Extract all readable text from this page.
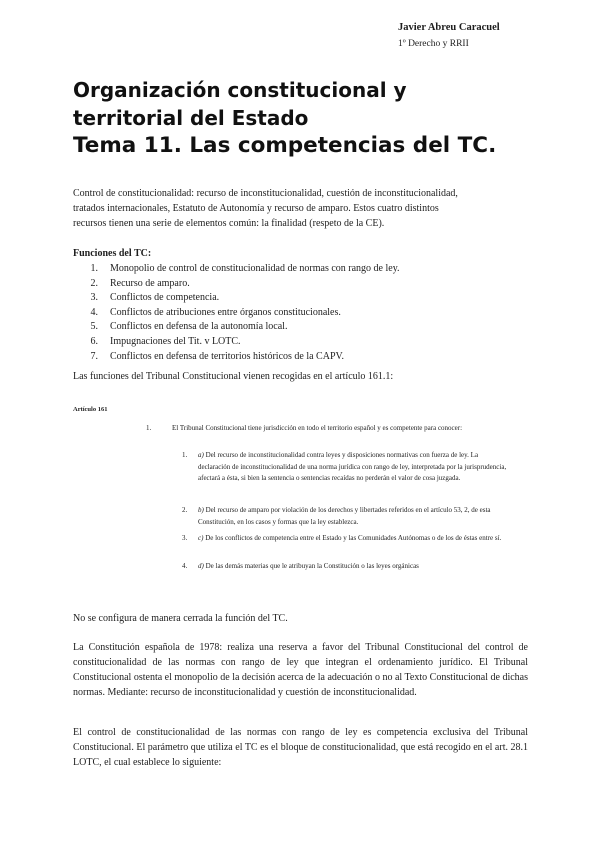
Javier Abreu Caracuel
1º Derecho y RRII
Organización constitucional y
territorial del Estado
Tema 11. Las competencias del TC.
Control de constitucionalidad: recurso de inconstitucionalidad, cuestión de inconstitucionalidad,
tratados internacionales, Estatuto de Autonomía y recurso de amparo. Estos cuatro distintos
recursos tienen una serie de elementos común: la finalidad (respeto de la CE).
Funciones del TC:
1. Monopolio de control de constitucionalidad de normas con rango de ley.
2. Recurso de amparo.
3. Conflictos de competencia.
4. Conflictos de atribuciones entre órganos constitucionales.
5. Conflictos en defensa de la autonomía local.
6. Impugnaciones del Tit. v LOTC.
7. Conflictos en defensa de territorios históricos de la CAPV.
Las funciones del Tribunal Constitucional vienen recogidas en el artículo 161.1:
Artículo 161
1.	El Tribunal Constitucional tiene jurisdicción en todo el territorio español y es competente para conocer:
1. a) Del recurso de inconstitucionalidad contra leyes y disposiciones normativas con fuerza de ley. La declaración de inconstitucionalidad de una norma jurídica con rango de ley, interpretada por la jurisprudencia, afectará a ésta, si bien la sentencia o sentencias recaídas no perderán el valor de cosa juzgada.
2. b) Del recurso de amparo por violación de los derechos y libertades referidos en el artículo 53, 2, de esta Constitución, en los casos y formas que la ley establezca.
3. c) De los conflictos de competencia entre el Estado y las Comunidades Autónomas o de los de éstas entre sí.
4. d) De las demás materias que le atribuyan la Constitución o las leyes orgánicas
No se configura de manera cerrada la función del TC.
La Constitución española de 1978: realiza una reserva a favor del Tribunal Constitucional del control de constitucionalidad de las normas con rango de ley que integran el ordenamiento jurídico. El Tribunal Constitucional ostenta el monopolio de la decisión acerca de la adecuación o no al Texto Constitucional de dichas normas. Mediante: recurso de inconstitucionalidad y cuestión de inconstitucionalidad.
El control de constitucionalidad de las normas con rango de ley es competencia exclusiva del Tribunal Constitucional. El parámetro que utiliza el TC es el bloque de constitucionalidad, que está recogido en el art. 28.1 LOTC, el cual establece lo siguiente:
